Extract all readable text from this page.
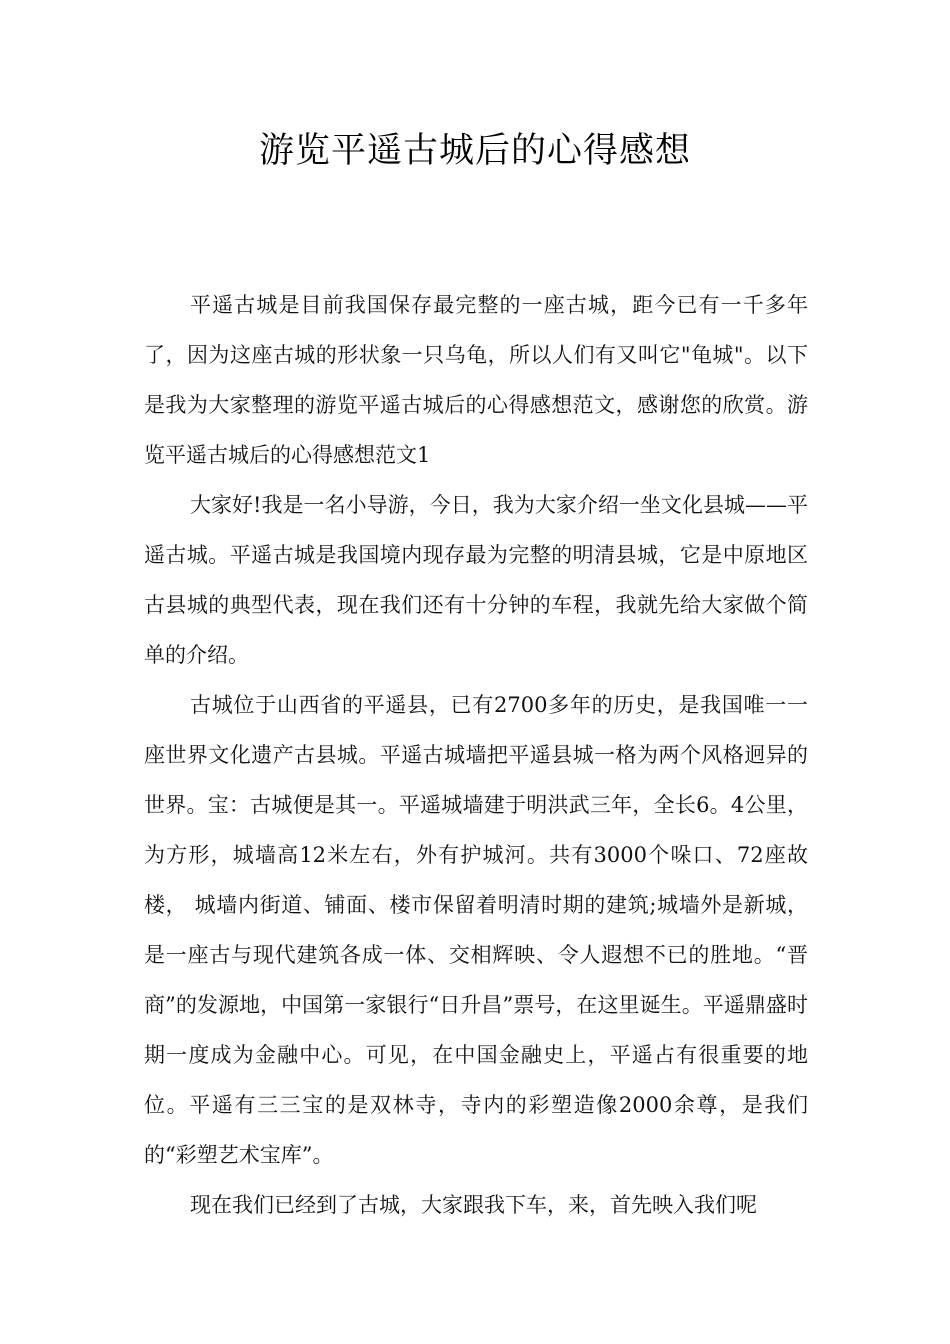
游览平遥古城后的心得感想

平遥古城是目前我国保存最完整的一座古城，距今已有一千多年了，因为这座古城的形状象一只乌龟，所以人们有又叫它"龟城"。以下是我为大家整理的游览平遥古城后的心得感想范文，感谢您的欣赏。游览平遥古城后的心得感想范文1

大家好!我是一名小导游，今日，我为大家介绍一坐文化县城——平遥古城。平遥古城是我国境内现存最为完整的明清县城，它是中原地区古县城的典型代表，现在我们还有十分钟的车程，我就先给大家做个简单的介绍。

古城位于山西省的平遥县，已有2700多年的历史，是我国唯一一座世界文化遗产古县城。平遥古城墙把平遥县城一格为两个风格迥异的世界。宝：古城便是其一。平遥城墙建于明洪武三年，全长6。4公里，为方形，城墙高12米左右，外有护城河。共有3000个哚口、72座故楼， 城墙内街道、铺面、楼市保留着明清时期的建筑;城墙外是新城，是一座古与现代建筑各成一体、交相辉映、令人遐想不已的胜地。“晋商”的发源地，中国第一家银行“日升昌”票号，在这里诞生。平遥鼎盛时期一度成为金融中心。可见，在中国金融史上，平遥占有很重要的地位。平遥有三三宝的是双林寺，寺内的彩塑造像2000余尊，是我们的“彩塑艺术宝库”。

现在我们已经到了古城，大家跟我下车，来，首先映入我们呢
